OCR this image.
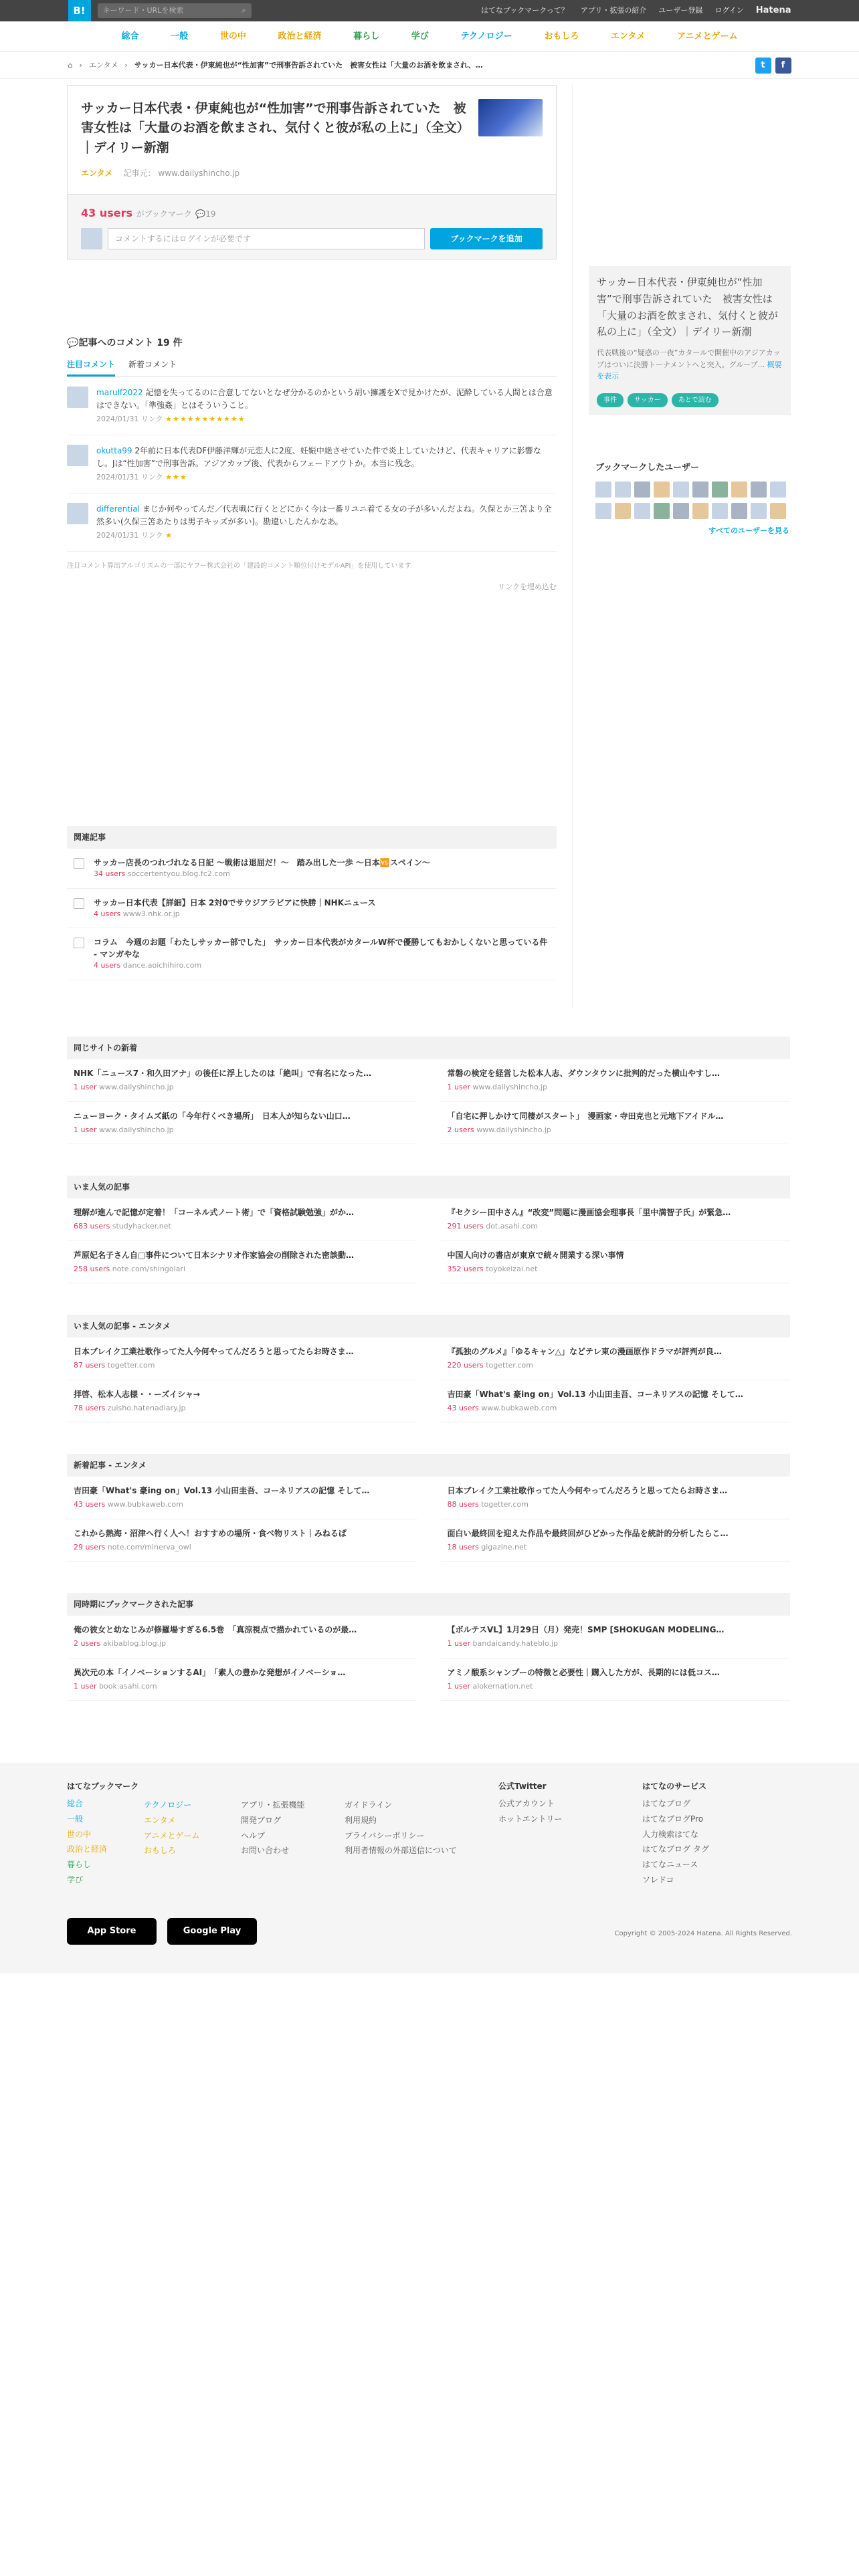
B!	キーワード・URLを検索	⌕	はてなブックマークって？ アプリ・拡張の紹介 ユーザー登録 ログイン Hatena
総合	一般	世の中	政治と経済	暮らし	学び	テクノロジー	おもしろ	エンタメ	アニメとゲーム
⌂ › エンタメ › サッカー日本代表・伊東純也が“性加害”で刑事告訴されていた　被害女性は「大量のお酒を飲まされ、…	t	f
サッカー日本代表・伊東純也が“性加害”で刑事告訴されていた　被害女性は「大量のお酒を飲まされ、気付くと彼が私の上に」（全文）｜デイリー新潮
エンタメ 記事元： www.dailyshincho.jp
43 users がブックマーク 💬19
コメントするにはログインが必要です	ブックマークを追加
サッカー日本代表・伊東純也が“性加害”で刑事告訴されていた　被害女性は「大量のお酒を飲まされ、気付くと彼が私の上に」（全文）｜デイリー新潮
代表戦後の“疑惑の一夜”カタールで開催中のアジアカップはついに決勝トーナメントへと突入。グループ... 概要を表示
事件	サッカー	あとで読む
ブックマークしたユーザー
すべてのユーザーを見る
💬記事へのコメント 19 件
注目コメント 新着コメント
marulf2022 記憶を失ってるのに合意してないとなぜ分かるのかという胡い擁護をXで見かけたが、泥酔している人間とは合意はできない。「準強姦」とはそういうこと。
2024/01/31 リンク ★★★★★★★★★★★
okutta99 2年前に日本代表DF伊藤洋輝が元恋人に2度、妊娠中絶させていた件で炎上していたけど、代表キャリアに影響なし。Jは“性加害”で刑事告訴。アジアカップ後、代表からフェードアウトか。本当に残念。
2024/01/31 リンク ★★★
differential まじか何やってんだ／代表戦に行くとどにかく今は一番リユニ着てる女の子が多いんだよね。久保とか三笘より全然多い(久保三笘あたりは男子キッズが多い)。勘違いしたんかなあ。
2024/01/31 リンク ★
注目コメント算出アルゴリズムの一部にヤフー株式会社の「建設的コメント順位付けモデルAPI」を使用しています
リンクを埋め込む
関連記事
サッカー店長のつれづれなる日記 〜戦術は退屈だ！〜　踏み出した一歩 〜日本🆚スペイン〜
34 users soccertentyou.blog.fc2.com
サッカー日本代表【詳細】日本 2対0でサウジアラビアに快勝｜NHKニュース
4 users www3.nhk.or.jp
コラム　今週のお題「わたしサッカー部でした」　サッカー日本代表がカタールW杯で優勝してもおかしくないと思っている件 - マンガやな
4 users dance.aoichihiro.com
同じサイトの新着
NHK「ニュース7・和久田アナ」の後任に浮上したのは「絶叫」で有名になった…
1 user www.dailyshincho.jp
常磐の検定を経営した松本人志、ダウンタウンに批判的だった横山やすし…
1 user www.dailyshincho.jp
ニューヨーク・タイムズ紙の「今年行くべき場所」　日本人が知らない山口…
1 user www.dailyshincho.jp
「自宅に押しかけて同棲がスタート」　漫画家・寺田克也と元地下アイドル…
2 users www.dailyshincho.jp
いま人気の記事
理解が進んで記憶が定着！「コーネル式ノート術」で「資格試験勉強」がか…
683 users studyhacker.net
『セクシー田中さん』“改変”問題に漫画協会理事長「里中満智子氏」が緊急…
291 users dot.asahi.com
芦原妃名子さん自□事件について日本シナリオ作家協会の削除された密談動…
258 users note.com/shingolari
中国人向けの書店が東京で続々開業する深い事情
352 users toyokeizai.net
いま人気の記事 - エンタメ
日本ブレイク工業社歌作ってた人今何やってんだろうと思ってたらお時さま…
87 users togetter.com
『孤独のグルメ』「ゆるキャン△」などテレ東の漫画原作ドラマが評判が良…
220 users togetter.com
拝啓、松本人志様・・ーズイシャ→
78 users zuisho.hatenadiary.jp
吉田豪「What's 豪ing on」Vol.13 小山田圭吾、コーネリアスの記憶 そして…
43 users www.bubkaweb.com
新着記事 - エンタメ
吉田豪「What's 豪ing on」Vol.13 小山田圭吾、コーネリアスの記憶 そして…
43 users www.bubkaweb.com
日本ブレイク工業社歌作ってた人今何やってんだろうと思ってたらお時さま…
88 users togetter.com
これから熱海・沼津へ行く人へ！おすすめの場所・食べ物リスト｜みねるぱ
29 users note.com/minerva_owl
面白い最終回を迎えた作品や最終回がひどかった作品を統計的分析したらこ…
18 users gigazine.net
同時期にブックマークされた記事
俺の彼女と幼なじみが修羅場すぎる6.5巻　「真涼視点で描かれているのが最…
2 users akibablog.blog.jp
【ボルテスVL】1月29日（月）発売！SMP [SHOKUGAN MODELING…
1 user bandaicandy.hateblo.jp
異次元の本「イノベーションするAI」　「素人の豊かな発想がイノベーショ…
1 user book.asahi.com
アミノ酸系シャンプーの特徴と必要性｜購入した方が、長期的には低コス…
1 user alokernation.net
はてなブックマーク
総合
一般
世の中
政治と経済
暮らし
学び
テクノロジー
エンタメ
アニメとゲーム
おもしろ
アプリ・拡張機能
開発ブログ
ヘルプ
お問い合わせ
ガイドライン
利用規約
プライバシーポリシー
利用者情報の外部送信について
公式Twitter
公式アカウント
ホットエントリー
はてなのサービス
はてなブログ
はてなブログPro
人力検索はてな
はてなブログ タグ
はてなニュース
ソレドコ
App Store	Google Play	Copyright © 2005-2024 Hatena. All Rights Reserved.
